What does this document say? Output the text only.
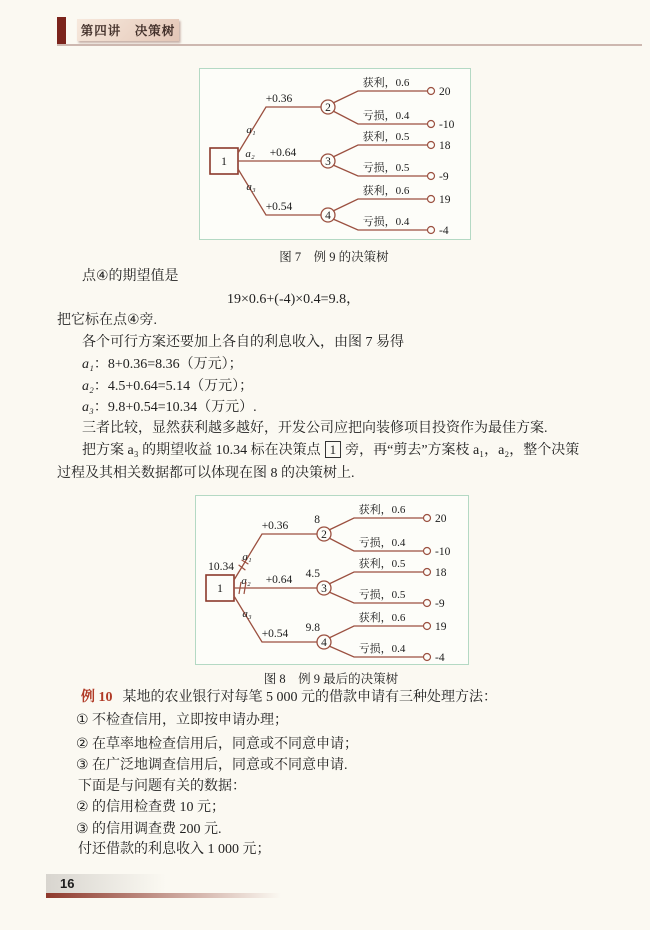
第四讲　决策树
1
2
a₁
+0.36
获利，0.6
20
亏损，0.4
-10
3
a₂ +0.64
获利，0.5
18
亏损，0.5
-9
4
a₃
+0.54
获利，0.6
19
亏损，0.4
-4
图 7　例 9 的决策树
点④的期望值是
19×0.6+(-4)×0.4=9.8，
把它标在点④旁.
各个可行方案还要加上各自的利息收入，由图 7 易得
a₁：8+0.36=8.36（万元）；
a₂：4.5+0.64=5.14（万元）；
a₃：9.8+0.54=10.34（万元）.
三者比较，显然获利越多越好，开发公司应把向装修项目投资作为最佳方案.
把方案 a₃ 的期望收益 10.34 标在决策点 1 旁，再“剪去”方案枝 a₁，a₂，整个决策
过程及其相关数据都可以体现在图 8 的决策树上.
1
10.34
2
a₁
+0.36 8
获利，0.6
20
亏损，0.4
-10
3
a₂ +0.64 4.5
获利，0.5
18
亏损，0.5
-9
4
a₃
+0.54 9.8
获利，0.6
19
亏损，0.4
-4
图 8　例 9 最后的决策树
例 10 某地的农业银行对每笔 5 000 元的借款申请有三种处理方法：
① 不检查信用，立即按申请办理；
② 在草率地检查信用后，同意或不同意申请；
③ 在广泛地调查信用后，同意或不同意申请.
下面是与问题有关的数据：
② 的信用检查费 10 元；
③ 的信用调查费 200 元.
付还借款的利息收入 1 000 元；
16
